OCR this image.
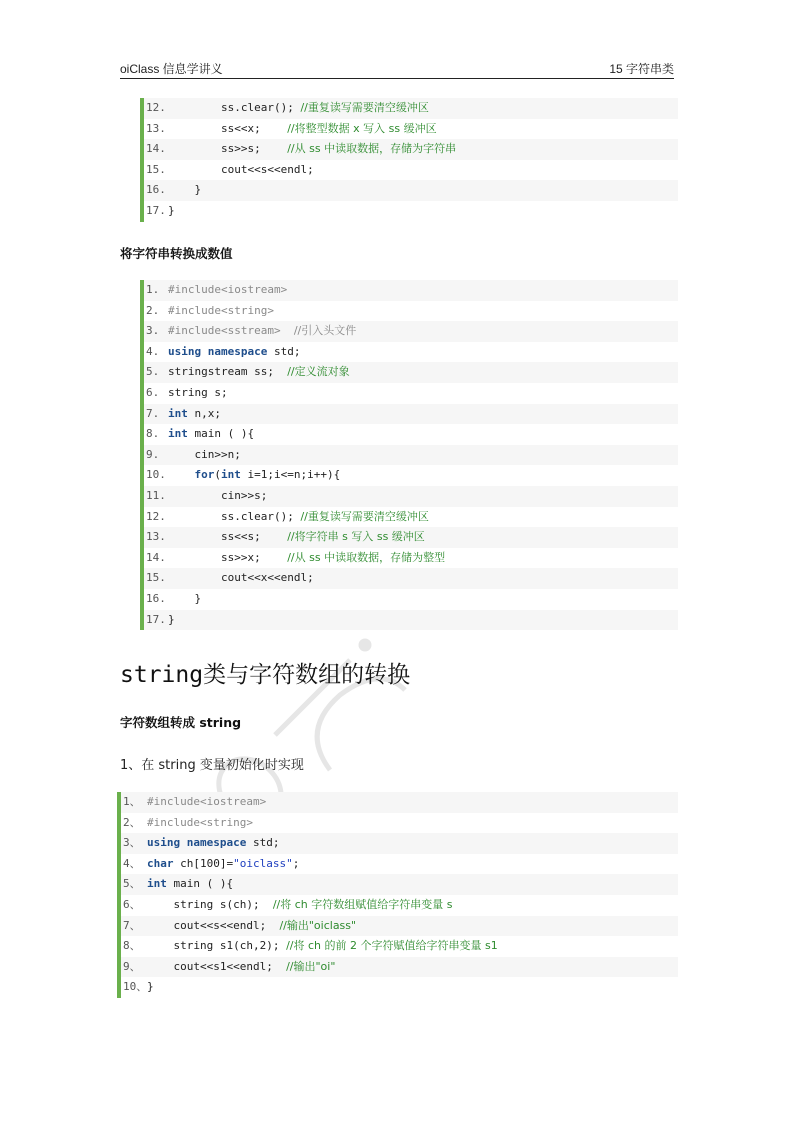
oiClass 信息学讲义	15 字符串类
12.	ss.clear(); //重复读写需要清空缓冲区
13.	ss<<x;    //将整型数据 x 写入 ss 缓冲区
14.	ss>>s;    //从 ss 中读取数据，存储为字符串
15.	cout<<s<<endl;
16.	}
17. }
将字符串转换成数值
1. #include<iostream>
2. #include<string>
3. #include<sstream> //引入头文件
4. using namespace std;
5. stringstream ss;  //定义流对象
6. string s;
7. int n,x;
8. int main ( ){
9.    cin>>n;
10.	for(int i=1;i<=n;i++){
11.        cin>>s;
12.        ss.clear(); //重复读写需要清空缓冲区
13.        ss<<s;    //将字符串 s 写入 ss 缓冲区
14.        ss>>x;    //从 ss 中读取数据，存储为整型
15.        cout<<x<<endl;
16.    }
17. }
string类与字符数组的转换
字符数组转成 string
1、在 string 变量初始化时实现
1、 #include<iostream>
2、 #include<string>
3、 using namespace std;
4、 char ch[100]="oiclass";
5、 int main ( ){
6、    string s(ch);  //将 ch 字符数组赋值给字符串变量 s
7、    cout<<s<<endl;  //输出"oiclass"
8、    string s1(ch,2); //将 ch 的前 2 个字符赋值给字符串变量 s1
9、    cout<<s1<<endl;  //输出"oi"
10、}
